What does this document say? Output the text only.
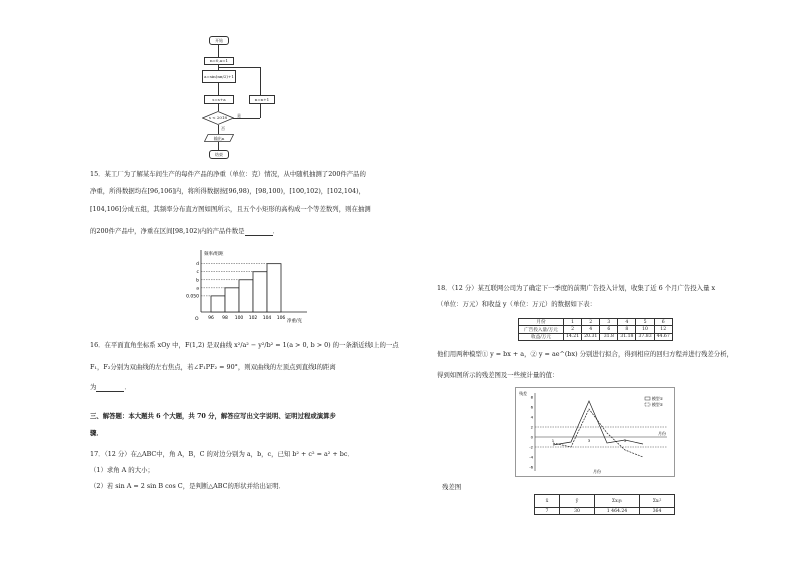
开始
n=0,a=1
a=sin(nπ/2)+1
s=s+a	n=n+1
s < 2018	是
否
输出n
结束
15．某工厂为了解某车间生产的每件产品的净重（单位：克）情况，从中随机抽测了200件产品的
净重，所得数据均在[96,106]内，将所得数据按[96,98)，[98,100)，[100,102)，[102,104)，
[104,106]分成五组，其频率分布直方图如图所示，且五个小矩形的高构成一个等差数列，则在抽测
的200件产品中，净重在区间[98,102)内的产品件数是	．
频率/组距
净重/克
O
d
c
b
a
0.050
96 98 100 102 104 106
16．在平面直角坐标系 xOy 中，F(1,2) 是双曲线 x²/a² − y²/b² = 1(a > 0, b > 0) 的一条渐近线l上的一点
F₁，F₂分别为双曲线的左右焦点，若∠F₁PF₂ = 90°，则双曲线的左顶点到直线l的距离
为	．
三、解答题：本大题共 6 个大题，共 70 分，解答应写出文字说明、证明过程或演算步
骤．
17．（12 分）在△ABC中，角 A，B，C 的对边分别为 a，b，c，已知 b² + c² = a² + bc．
（1）求角 A 的大小；
（2）若 sin A = 2 sin B cos C，是判断△ABC的形状并给出证明．
18．（12 分）某互联网公司为了确定下一季度的前期广告投入计划，收集了近 6 个月广告投入量 x
（单位：万元）和收益 y（单位：万元）的数据如下表：
月份	1	2	3	4	5	6
广告投入量/万元	2	4	6	8	10	12
收益/万元	14.21	20.31	31.8	31.18	37.83	44.67
他们用两种模型① y = bx + a，② y = ae^(bx) 分别进行拟合，得到相应的回归方程并进行残差分析，
得到如图所示的残差图及一些统计量的值：
残差
月份
月份
8
6
4
2
0
-2
-4
-6
1	3	5
模型①
模型②
残差图
x̄	ȳ	Σxᵢyᵢ	Σxᵢ²
7	30	1 464.24	364
